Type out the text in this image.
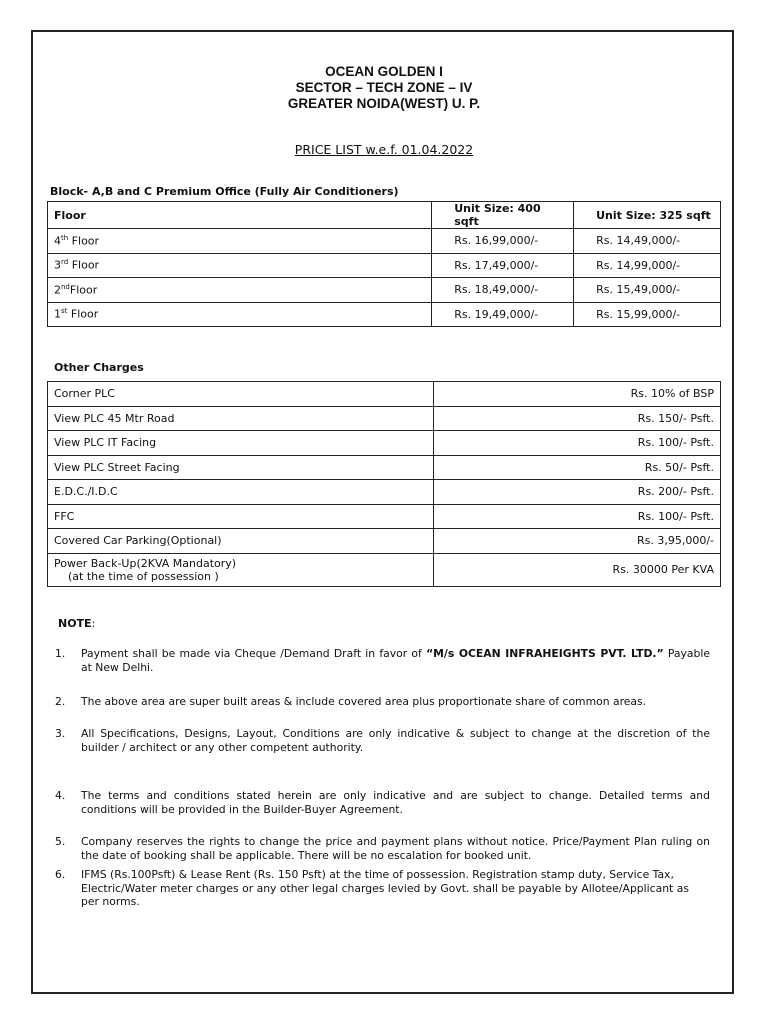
OCEAN GOLDEN I
SECTOR – TECH ZONE – IV
GREATER NOIDA(WEST) U. P.
PRICE LIST w.e.f. 01.04.2022
Block- A,B and C Premium Office (Fully Air Conditioners)
Floor	Unit Size: 400 sqft	Unit Size: 325 sqft
4th Floor	Rs. 16,99,000/-	Rs. 14,49,000/-
3rd Floor	Rs. 17,49,000/-	Rs. 14,99,000/-
2ndFloor	Rs. 18,49,000/-	Rs. 15,49,000/-
1st Floor	Rs. 19,49,000/-	Rs. 15,99,000/-
Other Charges
Corner PLC	Rs. 10% of BSP
View PLC 45 Mtr Road	Rs. 150/- Psft.
View PLC IT Facing	Rs. 100/- Psft.
View PLC Street Facing	Rs. 50/- Psft.
E.D.C./I.D.C	Rs. 200/- Psft.
FFC	Rs. 100/- Psft.
Covered Car Parking(Optional)	Rs. 3,95,000/-

Power Back-Up(2KVA Mandatory)
(at the time of possession )	Rs. 30000 Per KVA
NOTE:
1.	Payment shall be made via Cheque /Demand Draft in favor of “M/s OCEAN INFRAHEIGHTS PVT. LTD.” Payable at New Delhi.
2.	The above area are super built areas & include covered area plus proportionate share of common areas.
3.	All Specifications, Designs, Layout, Conditions are only indicative & subject to change at the discretion of the builder / architect or any other competent authority.
4.	The terms and conditions stated herein are only indicative and are subject to change. Detailed terms and conditions will be provided in the Builder-Buyer Agreement.
5.	Company reserves the rights to change the price and payment plans without notice. Price/Payment Plan ruling on the date of booking shall be applicable. There will be no escalation for booked unit.
6.	IFMS (Rs.100Psft) & Lease Rent (Rs. 150 Psft) at the time of possession. Registration stamp duty, Service Tax, Electric/Water meter charges or any other legal charges levied by Govt. shall be payable by Allotee/Applicant as per norms.
